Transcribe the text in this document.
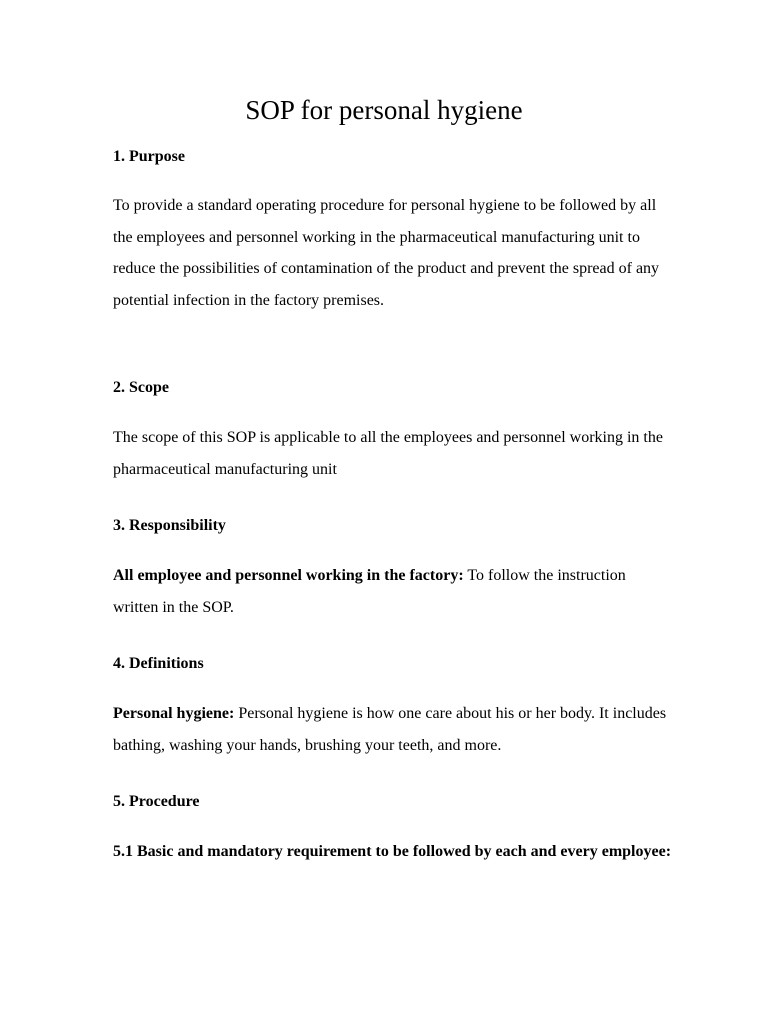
SOP for personal hygiene
1. Purpose

To provide a standard operating procedure for personal hygiene to be followed by all the employees and personnel working in the pharmaceutical manufacturing unit to reduce the possibilities of contamination of the product and prevent the spread of any potential infection in the factory premises.

2. Scope

The scope of this SOP is applicable to all the employees and personnel working in the pharmaceutical manufacturing unit

3. Responsibility

All employee and personnel working in the factory: To follow the instruction written in the SOP.

4. Definitions

Personal hygiene: Personal hygiene is how one care about his or her body. It includes bathing, washing your hands, brushing your teeth, and more.

5. Procedure

5.1 Basic and mandatory requirement to be followed by each and every employee:
